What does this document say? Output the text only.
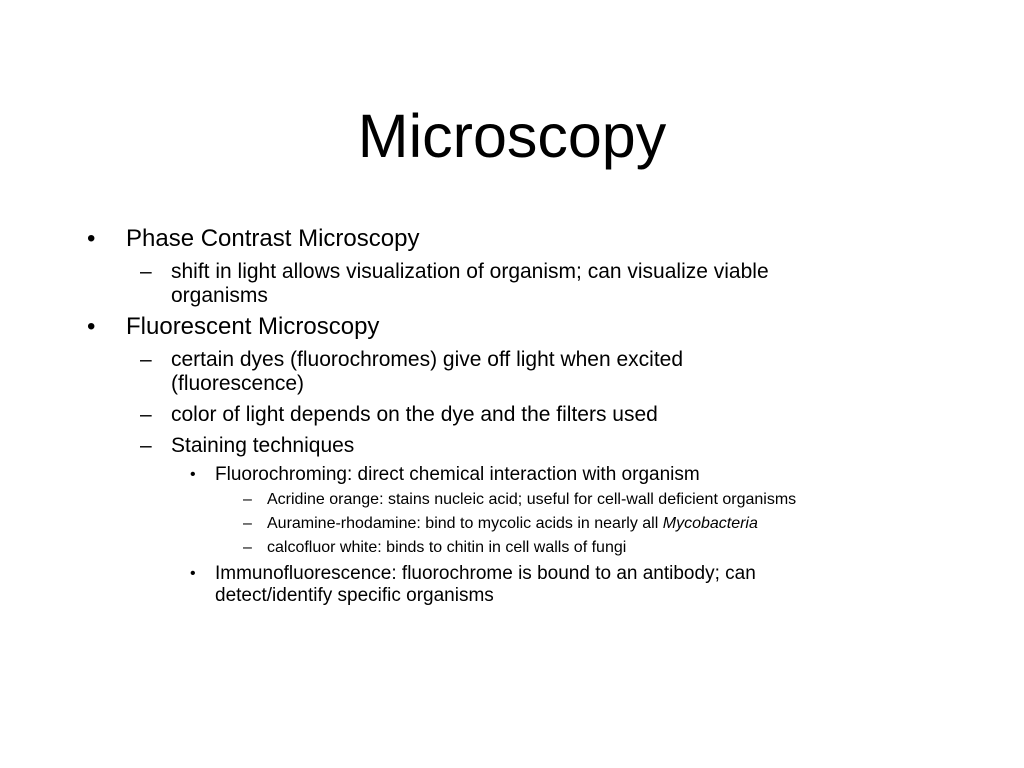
Microscopy
• Phase Contrast Microscopy
– shift in light allows visualization of organism; can visualize viable
organisms
• Fluorescent Microscopy
– certain dyes (fluorochromes) give off light when excited
(fluorescence)
– color of light depends on the dye and the filters used
– Staining techniques
• Fluorochroming: direct chemical interaction with organism
– Acridine orange: stains nucleic acid; useful for cell-wall deficient organisms
– Auramine-rhodamine: bind to mycolic acids in nearly all Mycobacteria
– calcofluor white: binds to chitin in cell walls of fungi
• Immunofluorescence: fluorochrome is bound to an antibody; can
detect/identify specific organisms
